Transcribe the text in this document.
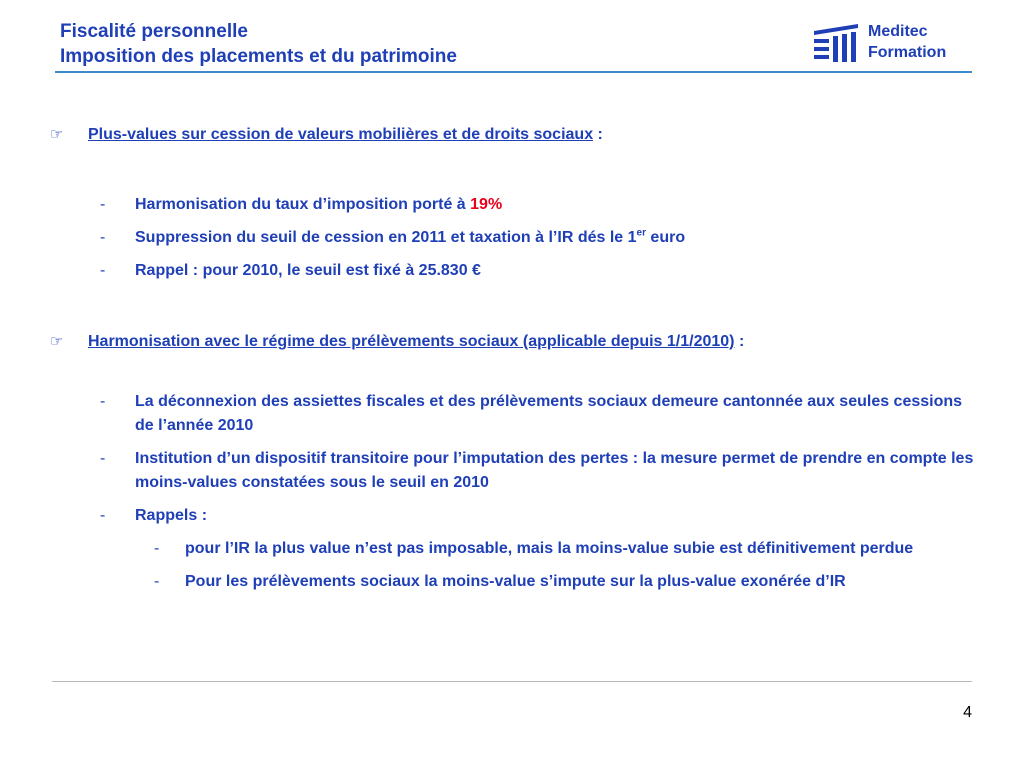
Fiscalité personnelle
Imposition des placements et du patrimoine
Meditec
Formation
☞ Plus-values sur cession de valeurs mobilières et de droits sociaux :
- Harmonisation du taux d’imposition porté à 19%
- Suppression du seuil de cession en 2011 et taxation à l’IR dés le 1er euro
- Rappel : pour 2010, le seuil est fixé à 25.830 €
☞ Harmonisation avec le régime des prélèvements sociaux (applicable depuis 1/1/2010) :
- La déconnexion des assiettes fiscales et des prélèvements sociaux demeure cantonnée aux seules cessions de l’année 2010
- Institution d’un dispositif transitoire pour l’imputation des pertes : la mesure permet de prendre en compte les moins-values constatées sous le seuil en 2010
- Rappels :
- pour l’IR la plus value n’est pas imposable, mais la moins-value subie est définitivement perdue
- Pour les prélèvements sociaux la moins-value s’impute sur la plus-value exonérée d’IR
4
